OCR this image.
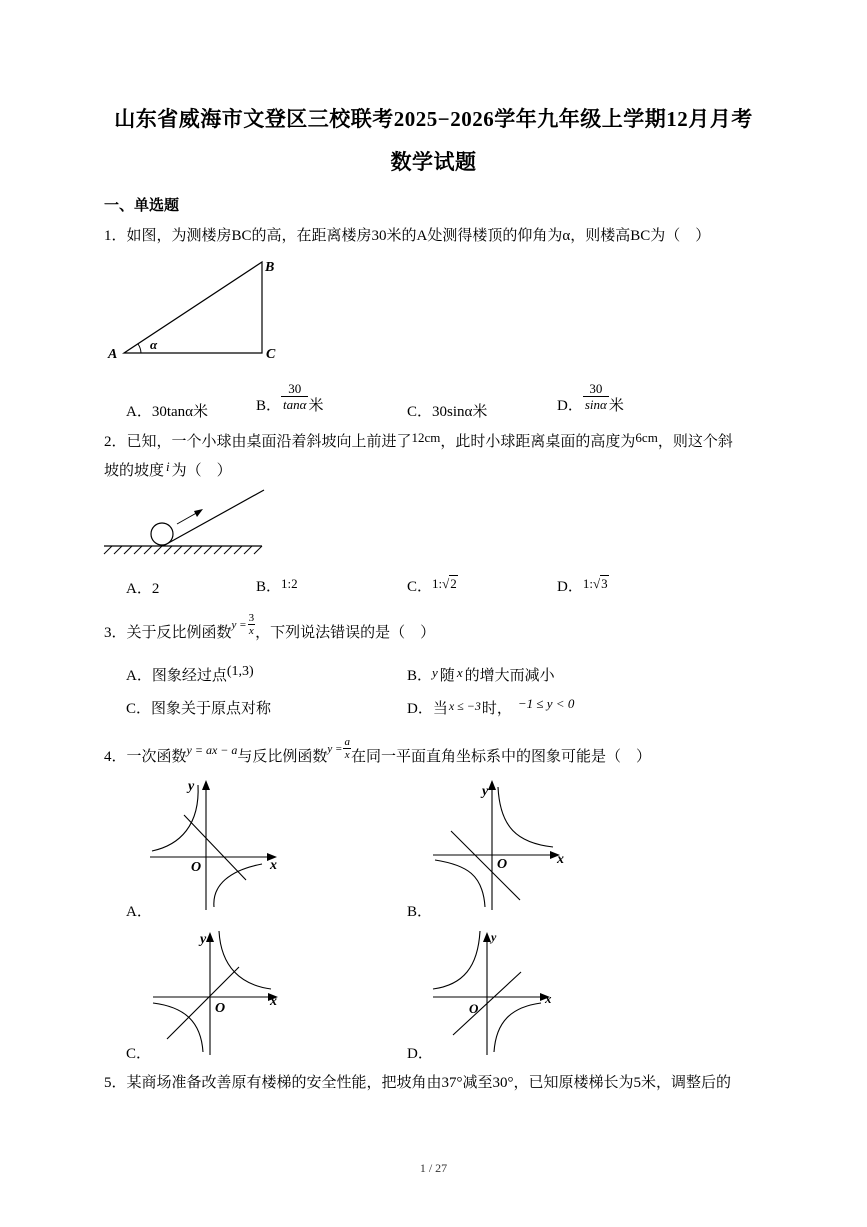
山东省威海市文登区三校联考2025−2026学年九年级上学期12月月考
数学试题
一、单选题
1．如图，为测楼房BC的高，在距离楼房30米的A处测得楼顶的仰角为α，则楼高BC为（　）
A
B
C
α
A．30tanα米	B． $\frac{30}{\tan\alpha}$ 米	C．30sinα米	D． $\frac{30}{\sin\alpha}$ 米
2．已知，一个小球由桌面沿着斜坡向上前进了12cm，此时小球距离桌面的高度为6cm，则这个斜
坡的坡度 i 为（　）
A．2	B．1:2	C．1:√2	D．1:√3
3．关于反比例函数$y = \frac{3}{x}$ ，下列说法错误的是（　）
A．图象经过点(1,3)	B．y 随 x 的增大而减小
C．图象关于原点对称	D．当$^{x \le -3}$时， −1 ≤ y < 0
4．一次函数y = ax − a与反比例函数$y = \frac{a}{x}$ 在同一平面直角坐标系中的图象可能是（　）
y
x
O
A．
y
x
O
B．
y
x
O
C．
y
x
O
D．
5．某商场准备改善原有楼梯的安全性能，把坡角由37°减至30°，已知原楼梯长为5米，调整后的
1 / 27
